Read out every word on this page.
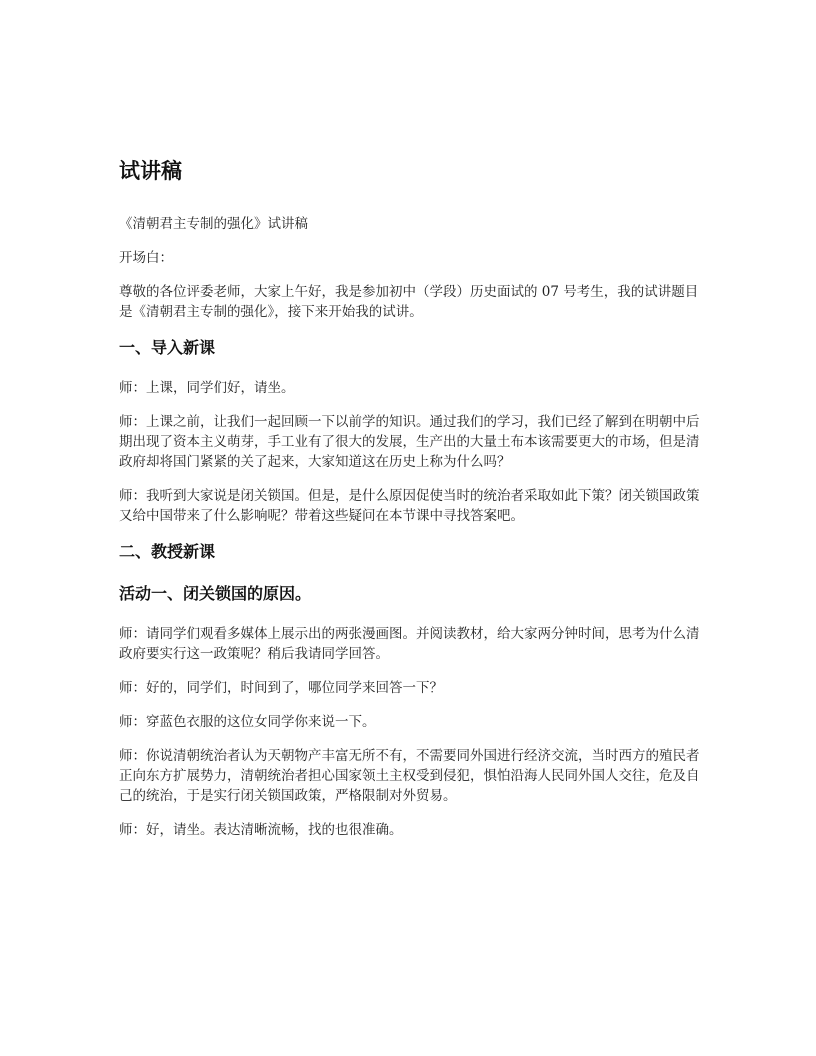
试讲稿

《清朝君主专制的强化》试讲稿

开场白：

尊敬的各位评委老师，大家上午好，我是参加初中（学段）历史面试的 07 号考生，我的试讲题目是《清朝君主专制的强化》，接下来开始我的试讲。

一、导入新课

师：上课，同学们好，请坐。

师：上课之前，让我们一起回顾一下以前学的知识。通过我们的学习，我们已经了解到在明朝中后期出现了资本主义萌芽，手工业有了很大的发展，生产出的大量土布本该需要更大的市场，但是清政府却将国门紧紧的关了起来，大家知道这在历史上称为什么吗？

师：我听到大家说是闭关锁国。但是，是什么原因促使当时的统治者采取如此下策？闭关锁国政策又给中国带来了什么影响呢？带着这些疑问在本节课中寻找答案吧。

二、教授新课
活动一、闭关锁国的原因。

师：请同学们观看多媒体上展示出的两张漫画图。并阅读教材，给大家两分钟时间，思考为什么清政府要实行这一政策呢？稍后我请同学回答。

师：好的，同学们，时间到了，哪位同学来回答一下？

师：穿蓝色衣服的这位女同学你来说一下。

师：你说清朝统治者认为天朝物产丰富无所不有，不需要同外国进行经济交流，当时西方的殖民者正向东方扩展势力，清朝统治者担心国家领土主权受到侵犯，惧怕沿海人民同外国人交往，危及自己的统治，于是实行闭关锁国政策，严格限制对外贸易。

师：好，请坐。表达清晰流畅，找的也很准确。
